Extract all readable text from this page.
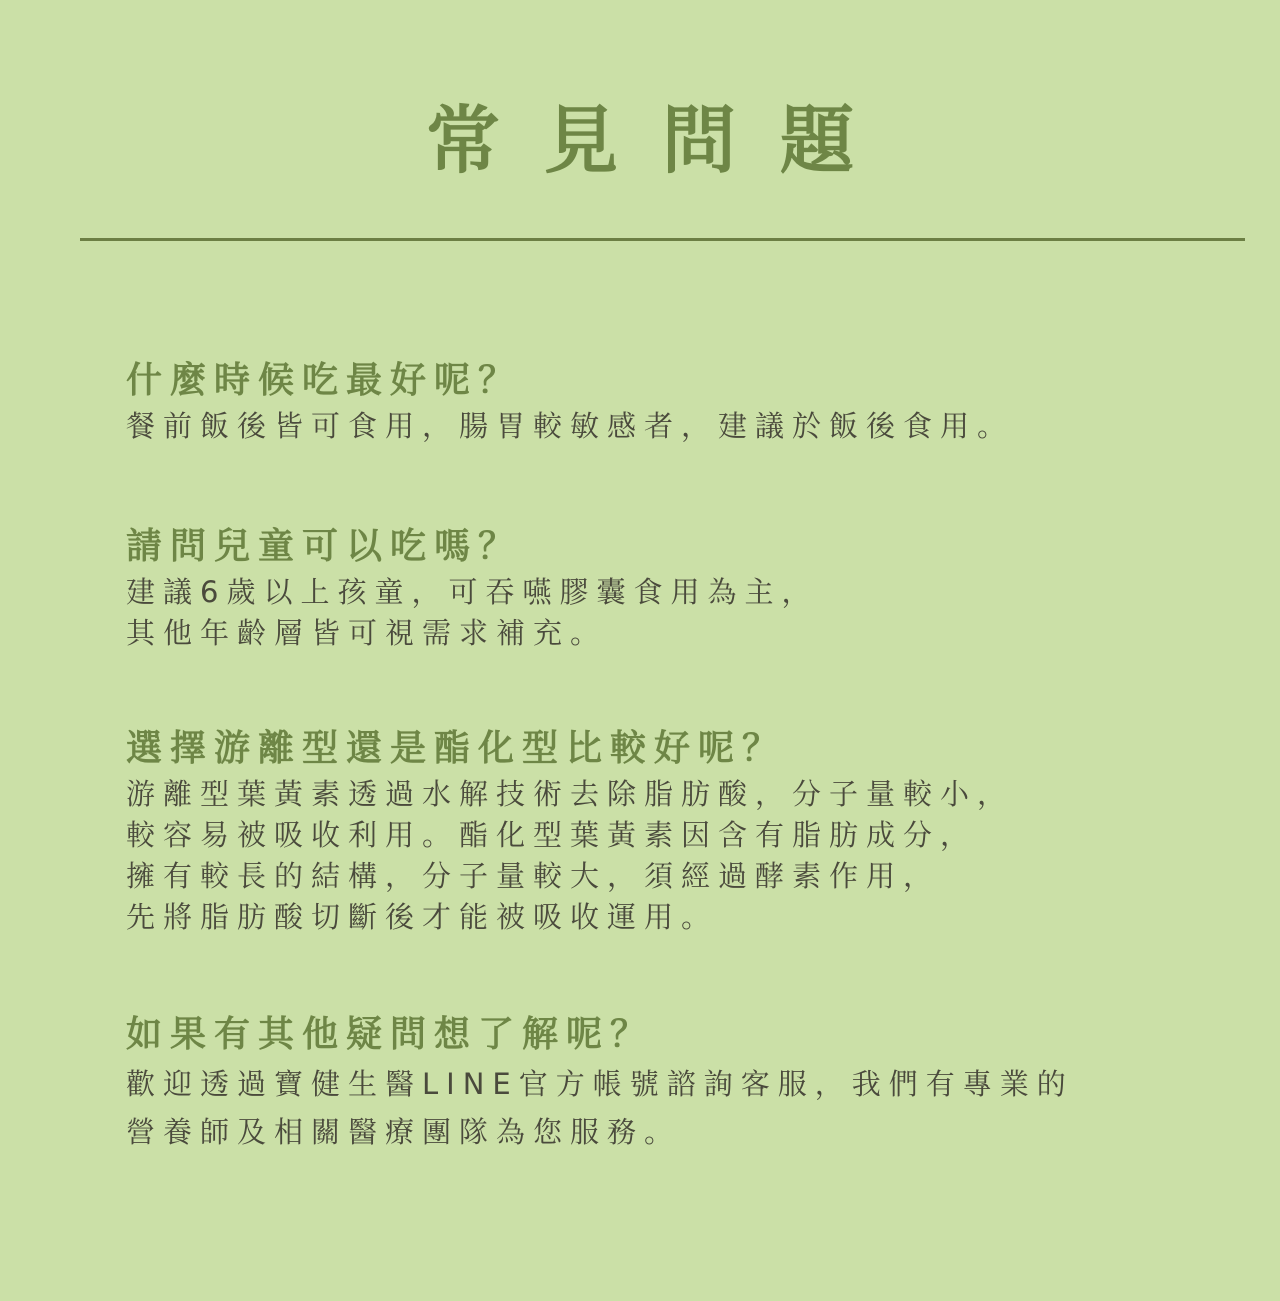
常見問題
什麼時候吃最好呢？
餐前飯後皆可食用，腸胃較敏感者，建議於飯後食用。
請問兒童可以吃嗎？
建議6歲以上孩童，可吞嚥膠囊食用為主，
其他年齡層皆可視需求補充。
選擇游離型還是酯化型比較好呢？
游離型葉黃素透過水解技術去除脂肪酸，分子量較小，
較容易被吸收利用。酯化型葉黃素因含有脂肪成分，
擁有較長的結構，分子量較大，須經過酵素作用，
先將脂肪酸切斷後才能被吸收運用。
如果有其他疑問想了解呢？
歡迎透過寶健生醫LINE官方帳號諮詢客服，我們有專業的
營養師及相關醫療團隊為您服務。
